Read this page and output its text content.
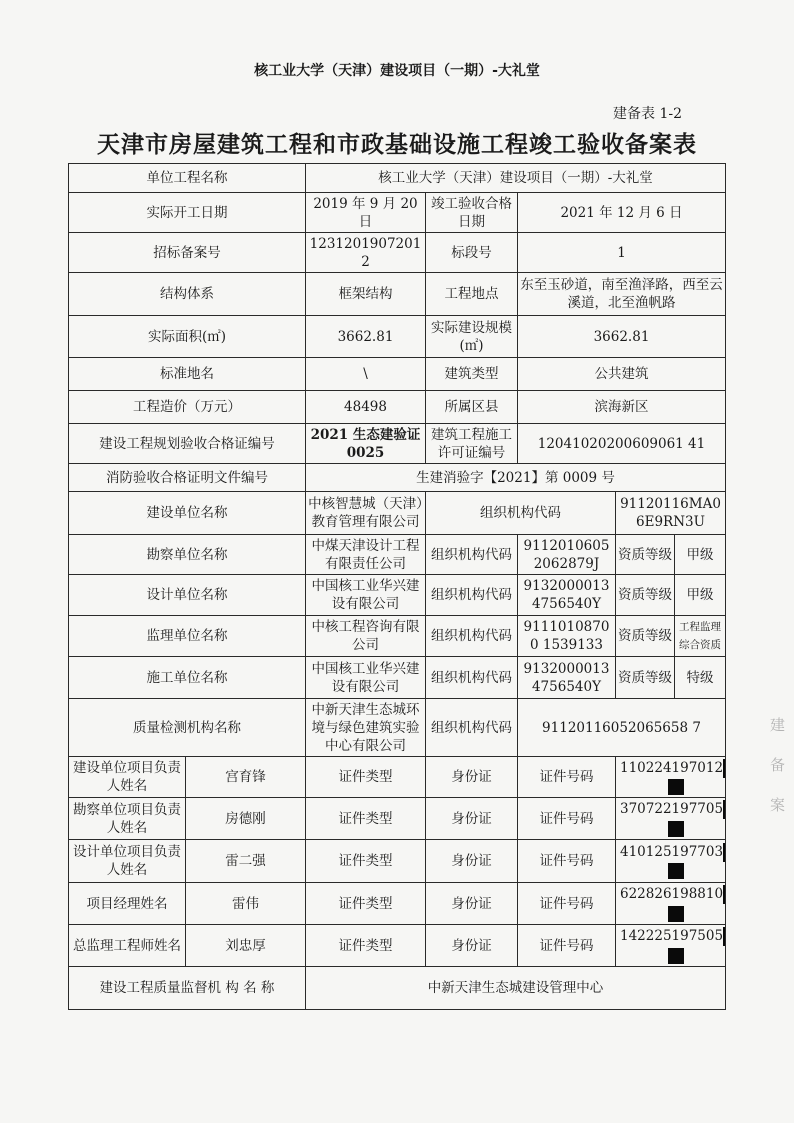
核工业大学（天津）建设项目（一期）-大礼堂
建备表 1-2
天津市房屋建筑工程和市政基础设施工程竣工验收备案表
单位工程名称		核工业大学（天津）建设项目（一期）-大礼堂				
实际开工日期		2019 年 9 月 20 日	竣工验收合格日期	2021 年 12 月 6 日		
招标备案号		12312019072012	标段号	1		
结构体系		框架结构	工程地点	东至玉砂道，南至渔泽路，西至云溪道，北至渔帆路		
实际面积(㎡)		3662.81	实际建设规模(㎡)	3662.81		
标准地名		\	建筑类型	公共建筑		
工程造价（万元）		48498	所属区县	滨海新区		
建设工程规划验收合格证编号		2021 生态建验证 0025	建筑工程施工许可证编号	12041020200609061 41		
消防验收合格证明文件编号		生建消验字【2021】第 0009 号				
建设单位名称		中核智慧城（天津）教育管理有限公司	组织机构代码		91120116MA06E9RN3U	
勘察单位名称		中煤天津设计工程有限责任公司	组织机构代码	91120106052062879J	资质等级	甲级
设计单位名称		中国核工业华兴建设有限公司	组织机构代码	91320000134756540Y	资质等级	甲级
监理单位名称		中核工程咨询有限公司	组织机构代码	91110108700 1539133	资质等级	工程监理综合资质
施工单位名称		中国核工业华兴建设有限公司	组织机构代码	91320000134756540Y	资质等级	特级
质量检测机构名称		中新天津生态城环境与绿色建筑实验中心有限公司	组织机构代码	91120116052065658 7		
建设单位项目负责人姓名	宫育锋	证件类型	身份证	证件号码	110224197012	

勘察单位项目负责人姓名	房德刚	证件类型	身份证	证件号码	370722197705	

设计单位项目负责人姓名	雷二强	证件类型	身份证	证件号码	410125197703	

项目经理姓名	雷伟	证件类型	身份证	证件号码	622826198810	

总监理工程师姓名	刘忠厚	证件类型	身份证	证件号码	142225197505	

建设工程质量监督机 构 名 称		中新天津生态城建设管理中心				
建 备 案
